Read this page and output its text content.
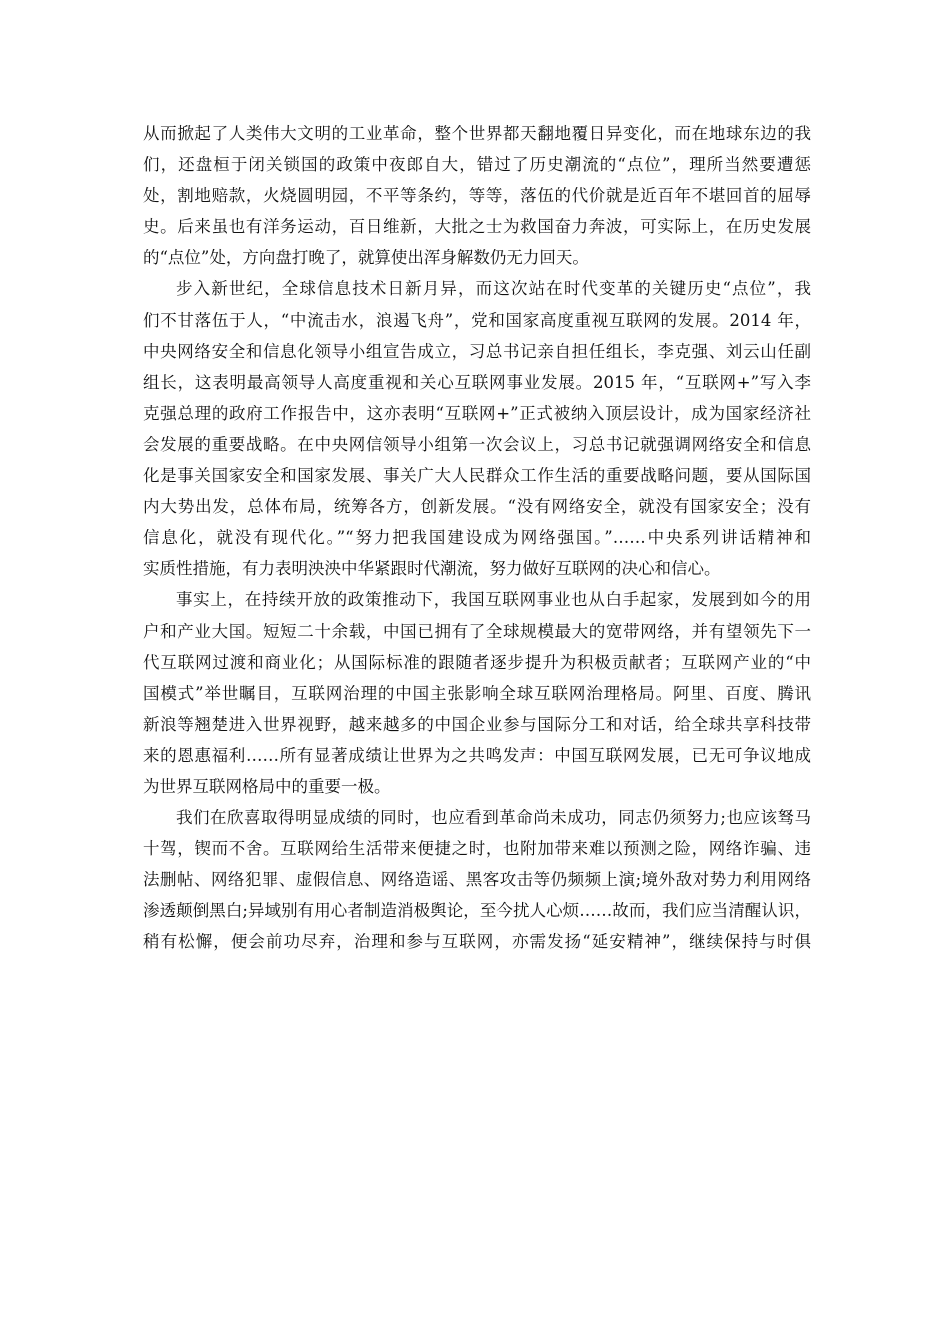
从而掀起了人类伟大文明的工业革命，整个世界都天翻地覆日异变化，而在地球东边的我
们，还盘桓于闭关锁国的政策中夜郎自大，错过了历史潮流的“点位”，理所当然要遭惩
处，割地赔款，火烧圆明园，不平等条约，等等，落伍的代价就是近百年不堪回首的屈辱
史。后来虽也有洋务运动，百日维新，大批之士为救国奋力奔波，可实际上，在历史发展
的“点位”处，方向盘打晚了，就算使出浑身解数仍无力回天。
步入新世纪，全球信息技术日新月异，而这次站在时代变革的关键历史“点位”，我
们不甘落伍于人，“中流击水，浪遏飞舟”，党和国家高度重视互联网的发展。2014 年，
中央网络安全和信息化领导小组宣告成立，习总书记亲自担任组长，李克强、刘云山任副
组长，这表明最高领导人高度重视和关心互联网事业发展。2015 年，“互联网+”写入李
克强总理的政府工作报告中，这亦表明“互联网+”正式被纳入顶层设计，成为国家经济社
会发展的重要战略。在中央网信领导小组第一次会议上，习总书记就强调网络安全和信息
化是事关国家安全和国家发展、事关广大人民群众工作生活的重要战略问题，要从国际国
内大势出发，总体布局，统筹各方，创新发展。“没有网络安全，就没有国家安全；没有
信息化，就没有现代化。”“努力把我国建设成为网络强国。”……中央系列讲话精神和
实质性措施，有力表明泱泱中华紧跟时代潮流，努力做好互联网的决心和信心。
事实上，在持续开放的政策推动下，我国互联网事业也从白手起家，发展到如今的用
户和产业大国。短短二十余载，中国已拥有了全球规模最大的宽带网络，并有望领先下一
代互联网过渡和商业化；从国际标准的跟随者逐步提升为积极贡献者；互联网产业的“中
国模式”举世瞩目，互联网治理的中国主张影响全球互联网治理格局。阿里、百度、腾讯
新浪等翘楚进入世界视野，越来越多的中国企业参与国际分工和对话，给全球共享科技带
来的恩惠福利……所有显著成绩让世界为之共鸣发声：中国互联网发展，已无可争议地成
为世界互联网格局中的重要一极。
我们在欣喜取得明显成绩的同时，也应看到革命尚未成功，同志仍须努力;也应该驽马
十驾，锲而不舍。互联网给生活带来便捷之时，也附加带来难以预测之险，网络诈骗、违
法删帖、网络犯罪、虚假信息、网络造谣、黑客攻击等仍频频上演;境外敌对势力利用网络
渗透颠倒黑白;异域别有用心者制造消极舆论，至今扰人心烦……故而，我们应当清醒认识，
稍有松懈，便会前功尽弃，治理和参与互联网，亦需发扬“延安精神”，继续保持与时俱
